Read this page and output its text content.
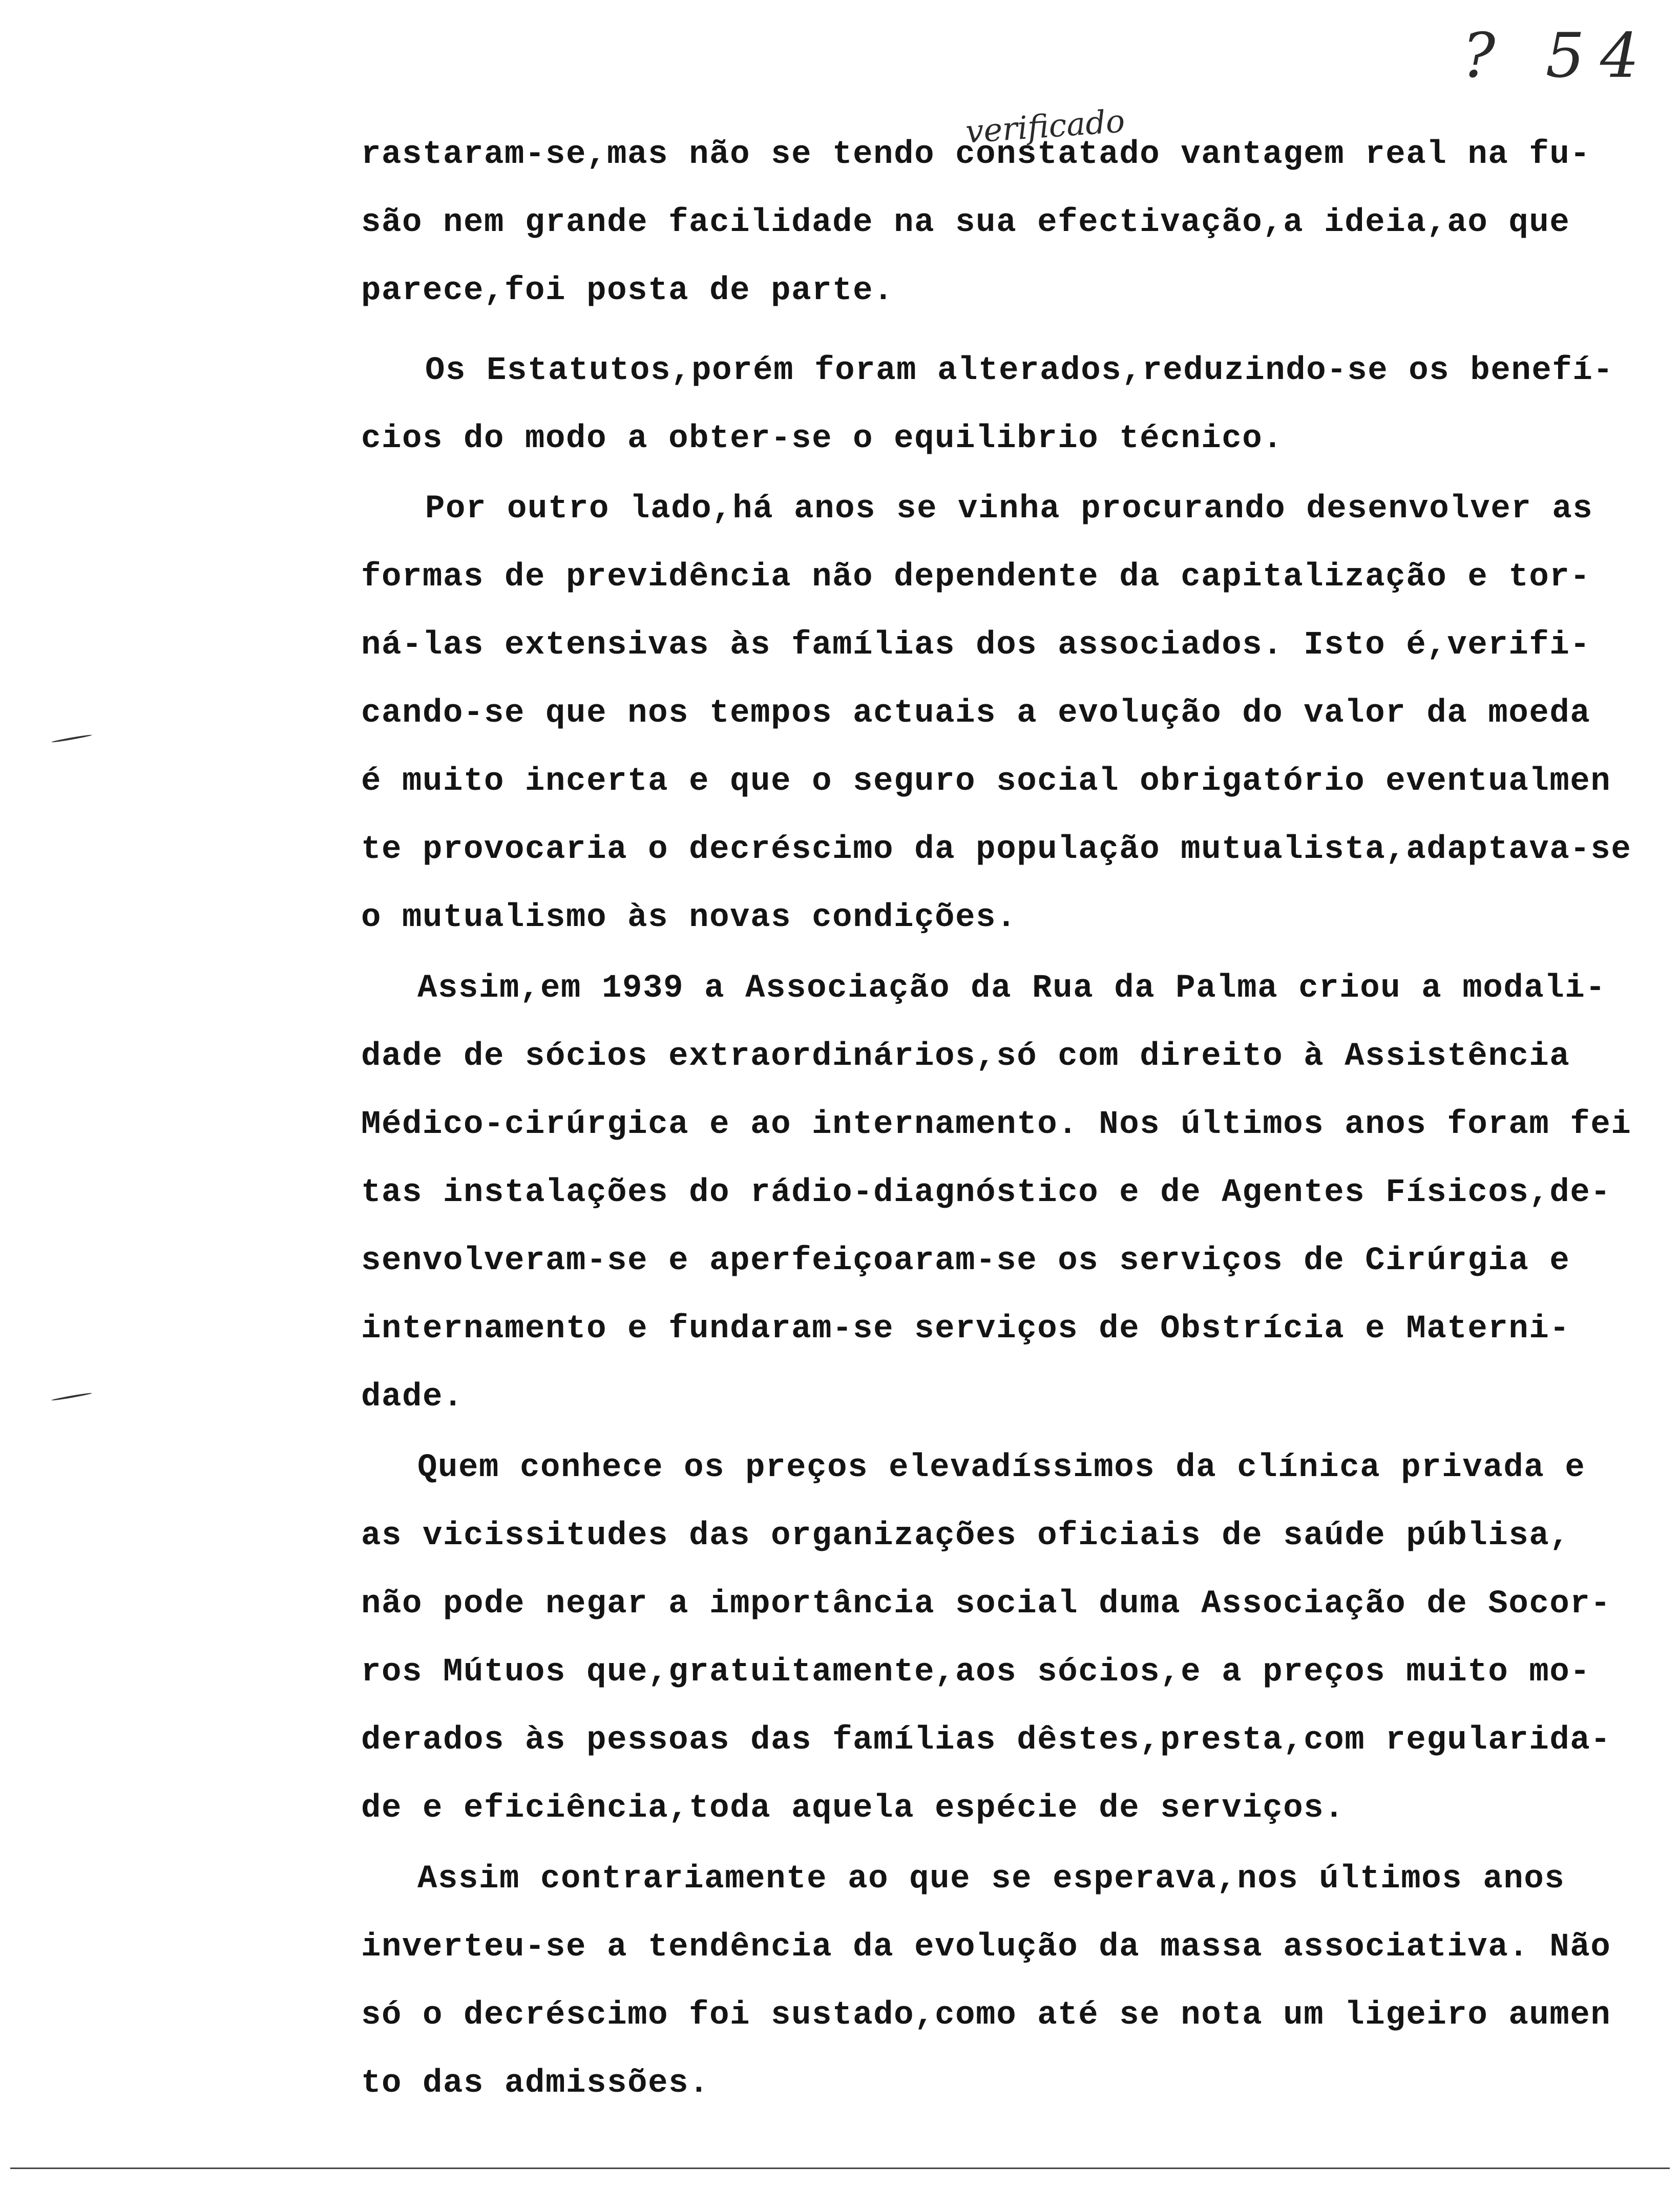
? 54
verificado
rastaram-se,mas não se tendo constatado vantagem real na fu-
são nem grande facilidade na sua efectivação,a ideia,ao que
parece,foi posta de parte.
Os Estatutos,porém foram alterados,reduzindo-se os benefí-
cios do modo a obter-se o equilibrio técnico.
Por outro lado,há anos se vinha procurando desenvolver as
formas de previdência não dependente da capitalização e tor-
ná-las extensivas às famílias dos associados. Isto é,verifi-
cando-se que nos tempos actuais a evolução do valor da moeda
é muito incerta e que o seguro social obrigatório eventualmen
te provocaria o decréscimo da população mutualista,adaptava-se
o mutualismo às novas condições.
Assim,em 1939 a Associação da Rua da Palma criou a modali-
dade de sócios extraordinários,só com direito à Assistência
Médico-cirúrgica e ao internamento. Nos últimos anos foram fei
tas instalações do rádio-diagnóstico e de Agentes Físicos,de-
senvolveram-se e aperfeiçoaram-se os serviços de Cirúrgia e
internamento e fundaram-se serviços de Obstrícia e Materni-
dade.
Quem conhece os preços elevadíssimos da clínica privada e
as vicissitudes das organizações oficiais de saúde públisa,
não pode negar a importância social duma Associação de Socor-
ros Mútuos que,gratuitamente,aos sócios,e a preços muito mo-
derados às pessoas das famílias dêstes,presta,com regularida-
de e eficiência,toda aquela espécie de serviços.
Assim contrariamente ao que se esperava,nos últimos anos
inverteu-se a tendência da evolução da massa associativa. Não
só o decréscimo foi sustado,como até se nota um ligeiro aumen
to das admissões.
